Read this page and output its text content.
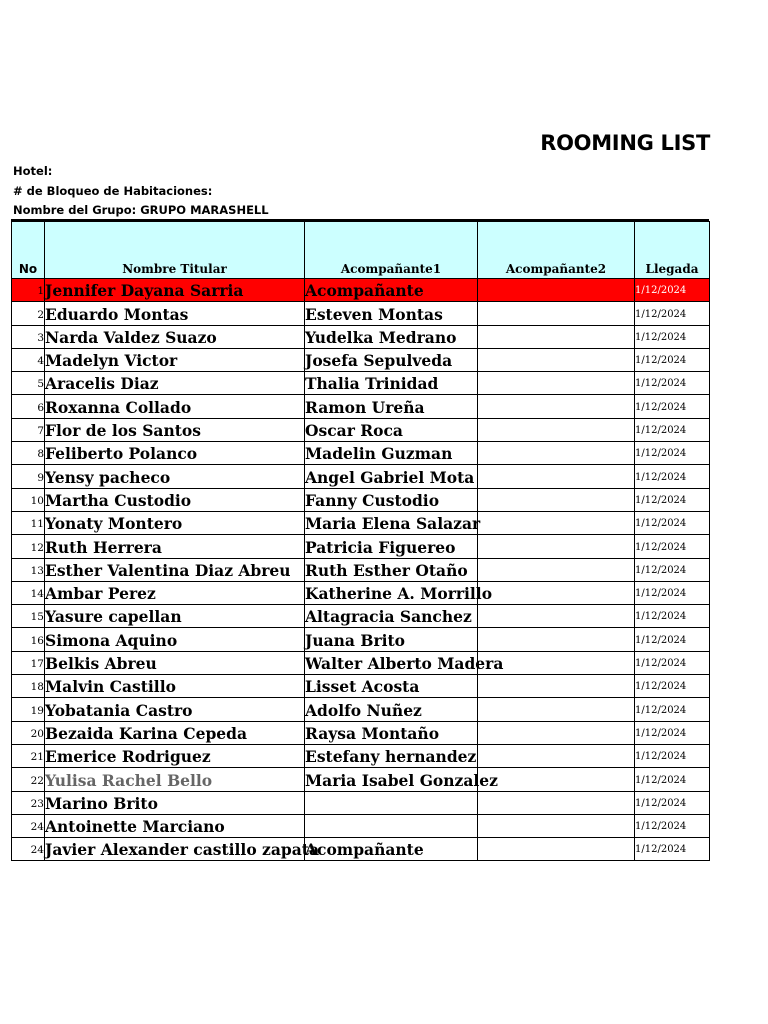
ROOMING LIST
Hotel:
# de Bloqueo de Habitaciones:
Nombre del Grupo: GRUPO MARASHELL
No	Nombre Titular	Acompañante1	Acompañante2	Llegada
1	Jennifer Dayana Sarria	Acompañante		1/12/2024
2	Eduardo Montas	Esteven Montas		1/12/2024
3	Narda Valdez Suazo	Yudelka Medrano		1/12/2024
4	Madelyn Victor	Josefa Sepulveda		1/12/2024
5	Aracelis Diaz	Thalia Trinidad		1/12/2024
6	Roxanna Collado	Ramon Ureña		1/12/2024
7	Flor de los Santos	Oscar Roca		1/12/2024
8	Feliberto Polanco	Madelin Guzman		1/12/2024
9	Yensy pacheco	Angel Gabriel Mota		1/12/2024
10	Martha Custodio	Fanny Custodio		1/12/2024
11	Yonaty Montero	Maria Elena Salazar		1/12/2024
12	Ruth Herrera	Patricia Figuereo		1/12/2024
13	Esther Valentina Diaz Abreu	Ruth Esther Otaño		1/12/2024
14	Ambar Perez	Katherine A. Morrillo		1/12/2024
15	Yasure capellan	Altagracia Sanchez		1/12/2024
16	Simona Aquino	Juana Brito		1/12/2024
17	Belkis Abreu	Walter Alberto Madera		1/12/2024
18	Malvin Castillo	Lisset Acosta		1/12/2024
19	Yobatania Castro	Adolfo Nuñez		1/12/2024
20	Bezaida Karina Cepeda	Raysa Montaño		1/12/2024
21	Emerice Rodriguez	Estefany hernandez		1/12/2024
22	Yulisa Rachel Bello	Maria Isabel Gonzalez		1/12/2024
23	Marino Brito			1/12/2024
24	Antoinette Marciano			1/12/2024
24	Javier Alexander castillo zapata	Acompañante		1/12/2024
